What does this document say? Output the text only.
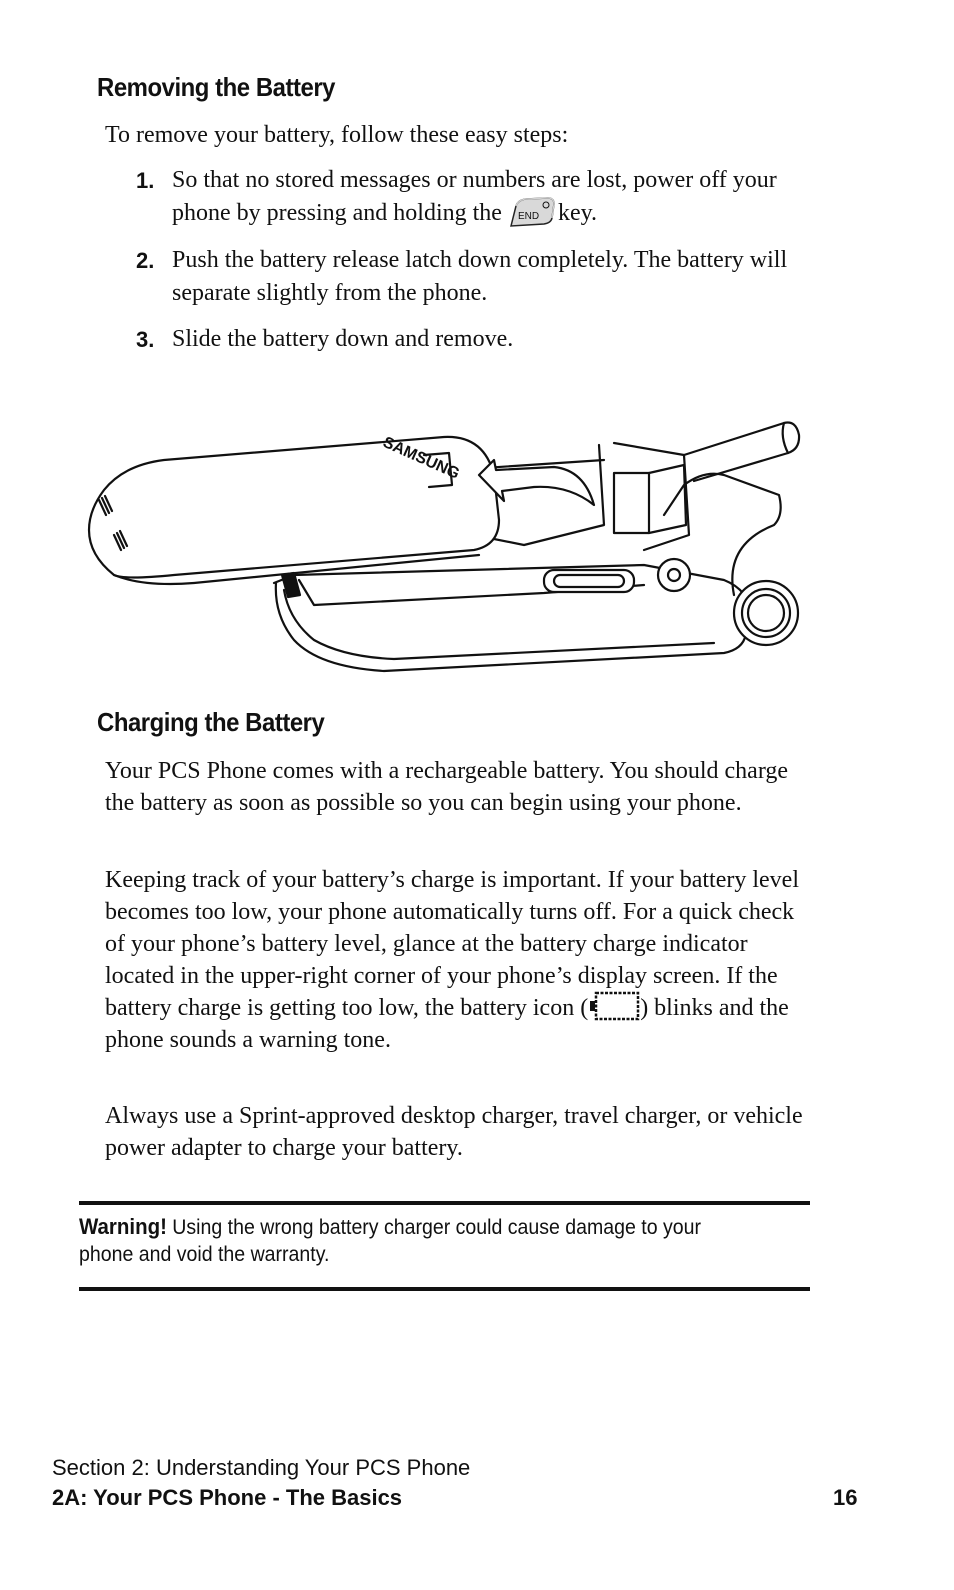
Removing the Battery
To remove your battery, follow these easy steps:
1. So that no stored messages or numbers are lost, power off your phone by pressing and holding the END key.
2. Push the battery release latch down completely. The battery will separate slightly from the phone.
3. Slide the battery down and remove.
SAMSUNG
Charging the Battery
Your PCS Phone comes with a rechargeable battery. You should charge the battery as soon as possible so you can begin using your phone.
Keeping track of your battery’s charge is important. If your battery level becomes too low, your phone automatically turns off. For a quick check of your phone’s battery level, glance at the battery charge indicator located in the upper-right corner of your phone’s display screen. If the battery charge is getting too low, the battery icon ( ) blinks and the phone sounds a warning tone.
Always use a Sprint-approved desktop charger, travel charger, or vehicle power adapter to charge your battery.
Warning! Using the wrong battery charger could cause damage to your phone and void the warranty.
Section 2: Understanding Your PCS Phone
2A: Your PCS Phone - The Basics	16
